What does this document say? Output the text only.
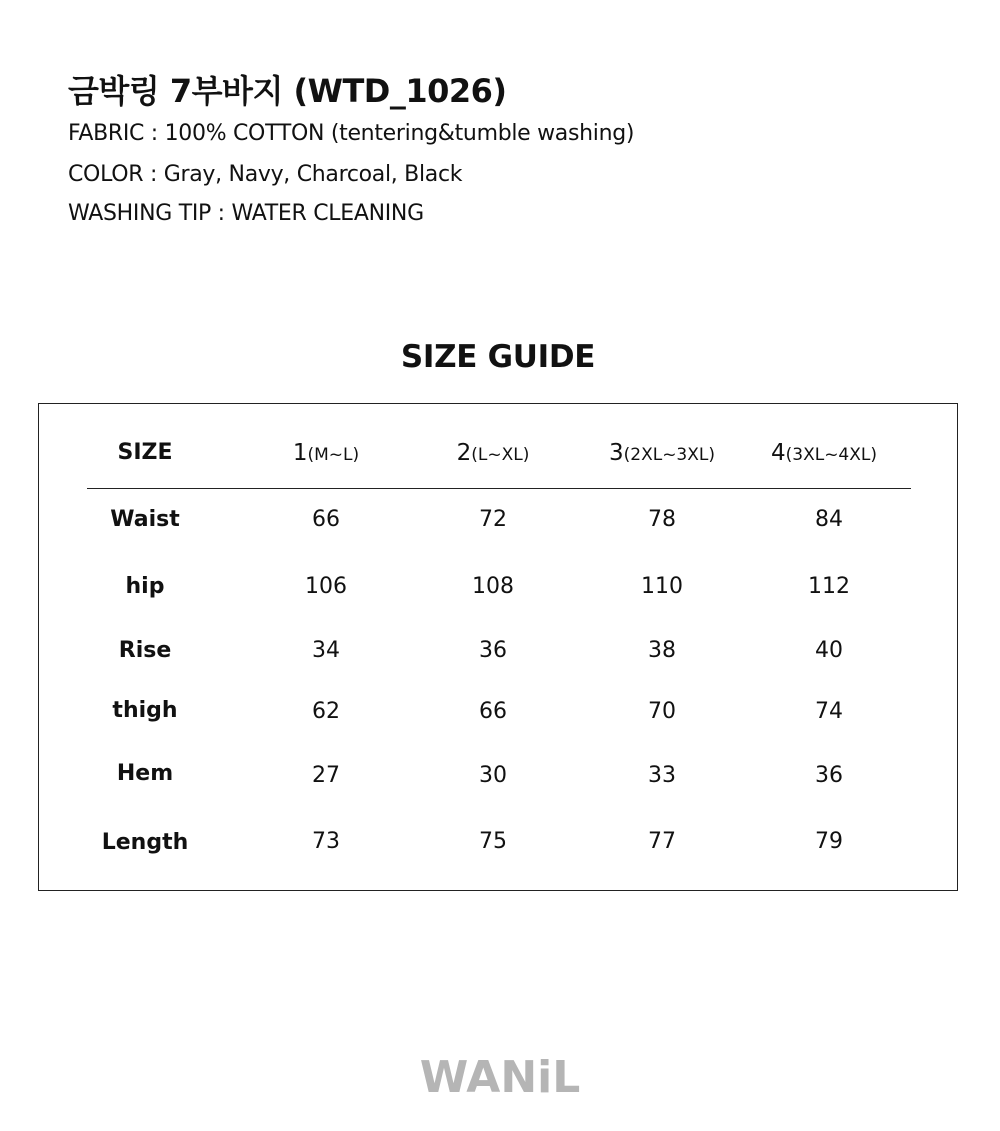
금박링 7부바지 (WTD_1026)
FABRIC : 100% COTTON (tentering&tumble washing)
COLOR : Gray, Navy, Charcoal, Black
WASHING TIP : WATER CLEANING
SIZE GUIDE
SIZE	1(M~L)	2(L~XL)	3(2XL~3XL)	4(3XL~4XL)
Waist	66	72	78	84
hip	106	108	110	112
Rise	34	36	38	40
thigh	62	66	70	74
Hem	27	30	33	36
Length	73	75	77	79
WANiL
